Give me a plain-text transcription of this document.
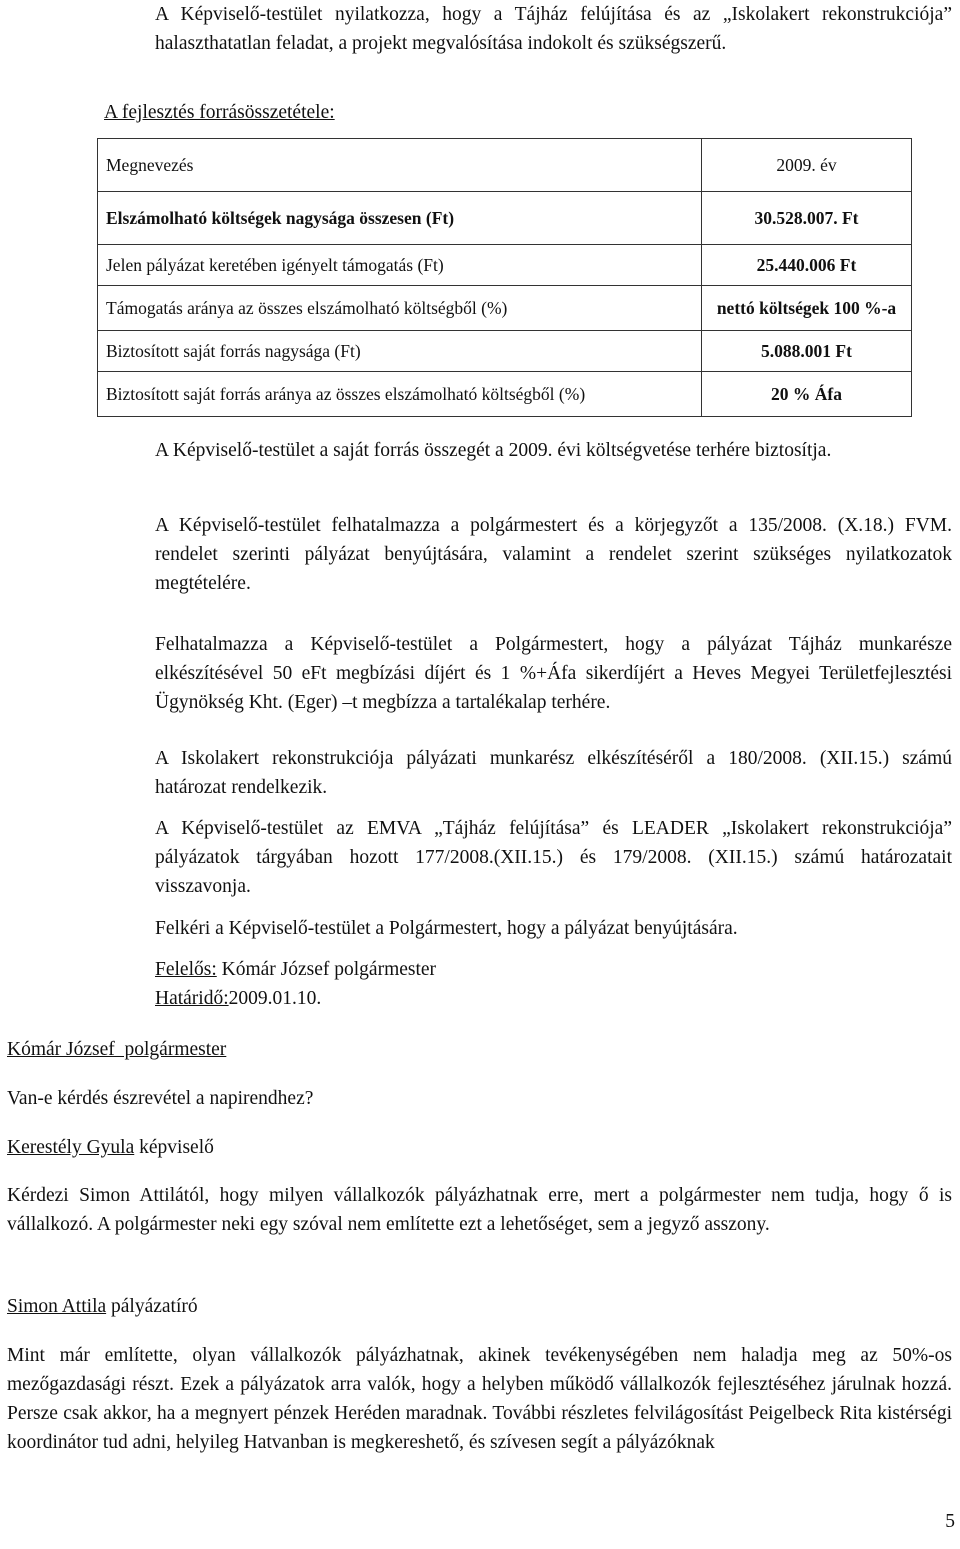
A Képviselő-testület nyilatkozza, hogy a Tájház felújítása és az „Iskolakert rekonstrukciója” halaszthatatlan feladat, a projekt megvalósítása indokolt és szükségszerű.

A fejlesztés forrásösszetétele:
Megnevezés	2009. év
Elszámolható költségek nagysága összesen (Ft)	30.528.007. Ft
Jelen pályázat keretében igényelt támogatás (Ft)	25.440.006 Ft
Támogatás aránya az összes elszámolható költségből (%)	nettó költségek 100 %-a
Biztosított saját forrás nagysága (Ft)	5.088.001 Ft
Biztosított saját forrás aránya az összes elszámolható költségből (%)	20 % Áfa

A Képviselő-testület a saját forrás összegét a 2009. évi költségvetése terhére biztosítja.

A Képviselő-testület felhatalmazza a polgármestert és a körjegyzőt a 135/2008. (X.18.) FVM. rendelet szerinti pályázat benyújtására, valamint a rendelet szerint szükséges nyilatkozatok megtételére.

Felhatalmazza a Képviselő-testület a Polgármestert, hogy a pályázat Tájház munkarésze elkészítésével 50 eFt megbízási díjért és 1 %+Áfa sikerdíjért a Heves Megyei Területfejlesztési Ügynökség Kht. (Eger) –t megbízza a tartalékalap terhére.

A Iskolakert rekonstrukciója pályázati munkarész elkészítéséről a 180/2008. (XII.15.) számú határozat rendelkezik.

A Képviselő-testület az EMVA „Tájház felújítása” és LEADER „Iskolakert rekonstrukciója” pályázatok tárgyában hozott 177/2008.(XII.15.) és 179/2008. (XII.15.) számú határozatait visszavonja.

Felkéri a Képviselő-testület a Polgármestert, hogy a pályázat benyújtására.

Felelős: Kómár József polgármester
Határidő:2009.01.10.
Kómár József  polgármester

Van-e kérdés észrevétel a napirendhez?

Kerestély Gyula képviselő

Kérdezi Simon Attilától, hogy milyen vállalkozók pályázhatnak erre, mert a polgármester nem tudja, hogy ő is vállalkozó. A polgármester neki egy szóval nem említette ezt a lehetőséget, sem a jegyző asszony.

Simon Attila pályázatíró

Mint már említette, olyan vállalkozók pályázhatnak, akinek tevékenységében nem haladja meg az 50%-os mezőgazdasági részt. Ezek a pályázatok arra valók, hogy a helyben működő vállalkozók fejlesztéséhez járulnak hozzá. Persze csak akkor, ha a megnyert pénzek Heréden maradnak. További részletes felvilágosítást Peigelbeck Rita kistérségi koordinátor tud adni, helyileg Hatvanban is megkereshető, és szívesen segít a pályázóknak

5
